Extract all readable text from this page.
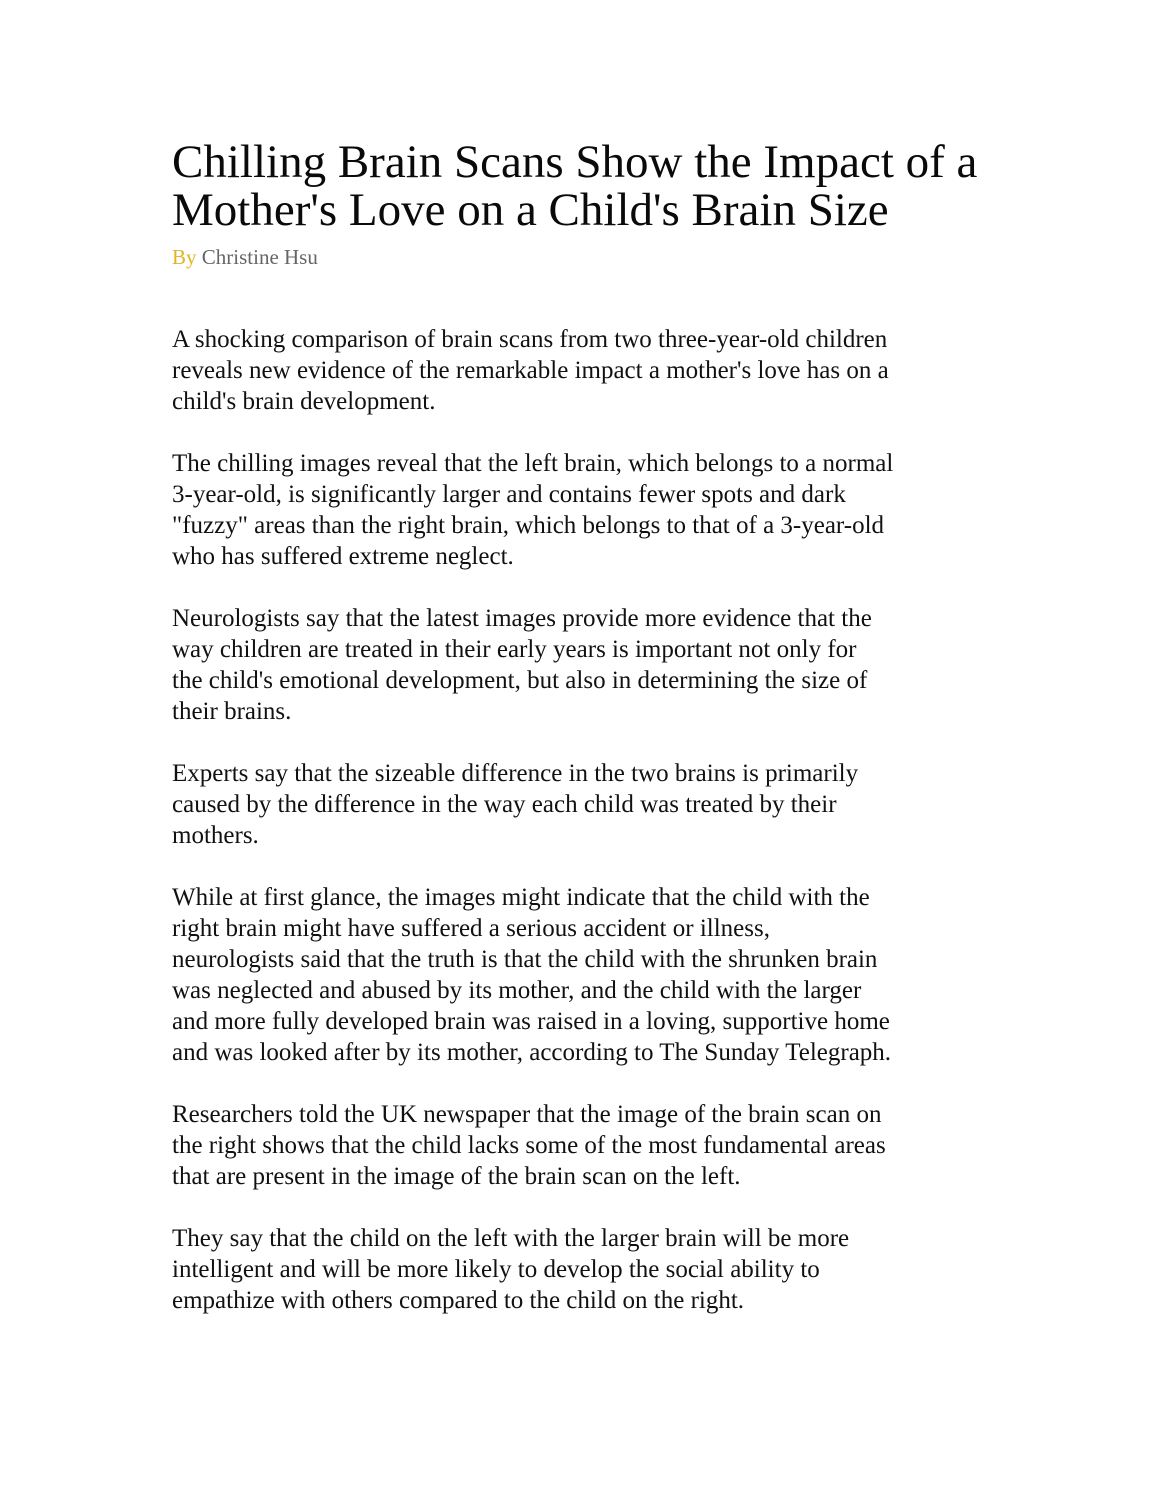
Chilling Brain Scans Show the Impact of a
Mother's Love on a Child's Brain Size
By Christine Hsu

A shocking comparison of brain scans from two three-year-old children
reveals new evidence of the remarkable impact a mother's love has on a
child's brain development.

The chilling images reveal that the left brain, which belongs to a normal
3-year-old, is significantly larger and contains fewer spots and dark
"fuzzy" areas than the right brain, which belongs to that of a 3-year-old
who has suffered extreme neglect.

Neurologists say that the latest images provide more evidence that the
way children are treated in their early years is important not only for
the child's emotional development, but also in determining the size of
their brains.

Experts say that the sizeable difference in the two brains is primarily
caused by the difference in the way each child was treated by their
mothers.

While at first glance, the images might indicate that the child with the
right brain might have suffered a serious accident or illness,
neurologists said that the truth is that the child with the shrunken brain
was neglected and abused by its mother, and the child with the larger
and more fully developed brain was raised in a loving, supportive home
and was looked after by its mother, according to The Sunday Telegraph.

Researchers told the UK newspaper that the image of the brain scan on
the right shows that the child lacks some of the most fundamental areas
that are present in the image of the brain scan on the left.

They say that the child on the left with the larger brain will be more
intelligent and will be more likely to develop the social ability to
empathize with others compared to the child on the right.
